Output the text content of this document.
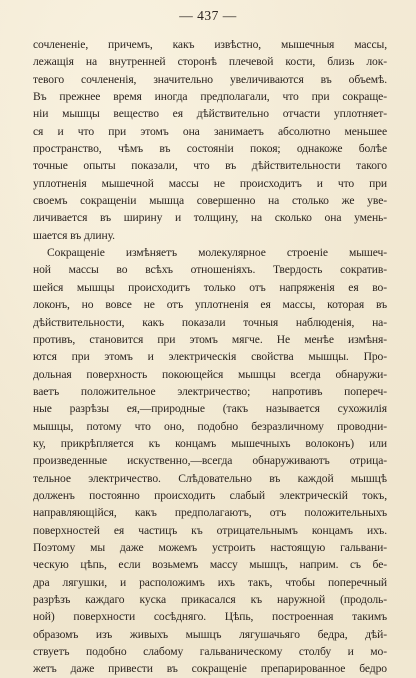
— 437 —
сочлененіе, причемъ, какъ извѣстно, мышечныя массы,
лежащія на внутренней сторонѣ плечевой кости, близь лок-
тевого сочлененія, значительно увеличиваются въ объемѣ.
Въ прежнее время иногда предполагали, что при сокраще-
ніи мышцы вещество ея дѣйствительно отчасти уплотняет-
ся и что при этомъ она занимаетъ абсолютно меньшее
пространство, чѣмъ въ состояніи покоя; однакоже болѣе
точные опыты показали, что въ дѣйствительности такого
уплотненія мышечной массы не происходитъ и что при
своемъ сокращеніи мышца совершенно на столько же уве-
личивается въ ширину и толщину, на сколько она умень-
шается въ длину.
Сокращеніе измѣняетъ молекулярное строеніе мышеч-
ной массы во всѣхъ отношеніяхъ. Твердость сократив-
шейся мышцы происходитъ только отъ напряженія ея во-
локонъ, но вовсе не отъ уплотненія ея массы, которая въ
дѣйствительности, какъ показали точныя наблюденія, на-
противъ, становится при этомъ мягче. Не менѣе измѣня-
ются при этомъ и электрическія свойства мышцы. Про-
дольная поверхность покоющейся мышцы всегда обнаружи-
ваетъ положительное электричество; напротивъ попереч-
ные разрѣзы ея,—природные (такъ называется сухожилія
мышцы, потому что оно, подобно безразличному проводни-
ку, прикрѣпляется къ концамъ мышечныхъ волоконъ) или
произведенные искуственно,—всегда обнаруживаютъ отрица-
тельное электричество. Слѣдовательно въ каждой мышцѣ
долженъ постоянно происходить слабый электрическій токъ,
направляющійся, какъ предполагаютъ, отъ положительныхъ
поверхностей ея частицъ къ отрицательнымъ концамъ ихъ.
Поэтому мы даже можемъ устроить настоящую гальвани-
ческую цѣпь, если возьмемъ массу мышцъ, наприм. съ бе-
дра лягушки, и расположимъ ихъ такъ, чтобы поперечный
разрѣзъ каждаго куска прикасался къ наружной (продоль-
ной) поверхности сосѣдняго. Цѣпь, построенная такимъ
образомъ изъ живыхъ мышцъ лягушачьяго бедра, дѣй-
ствуетъ подобно слабому гальваническому столбу и мо-
жетъ даже привести въ сокращеніе препарированное бедро
